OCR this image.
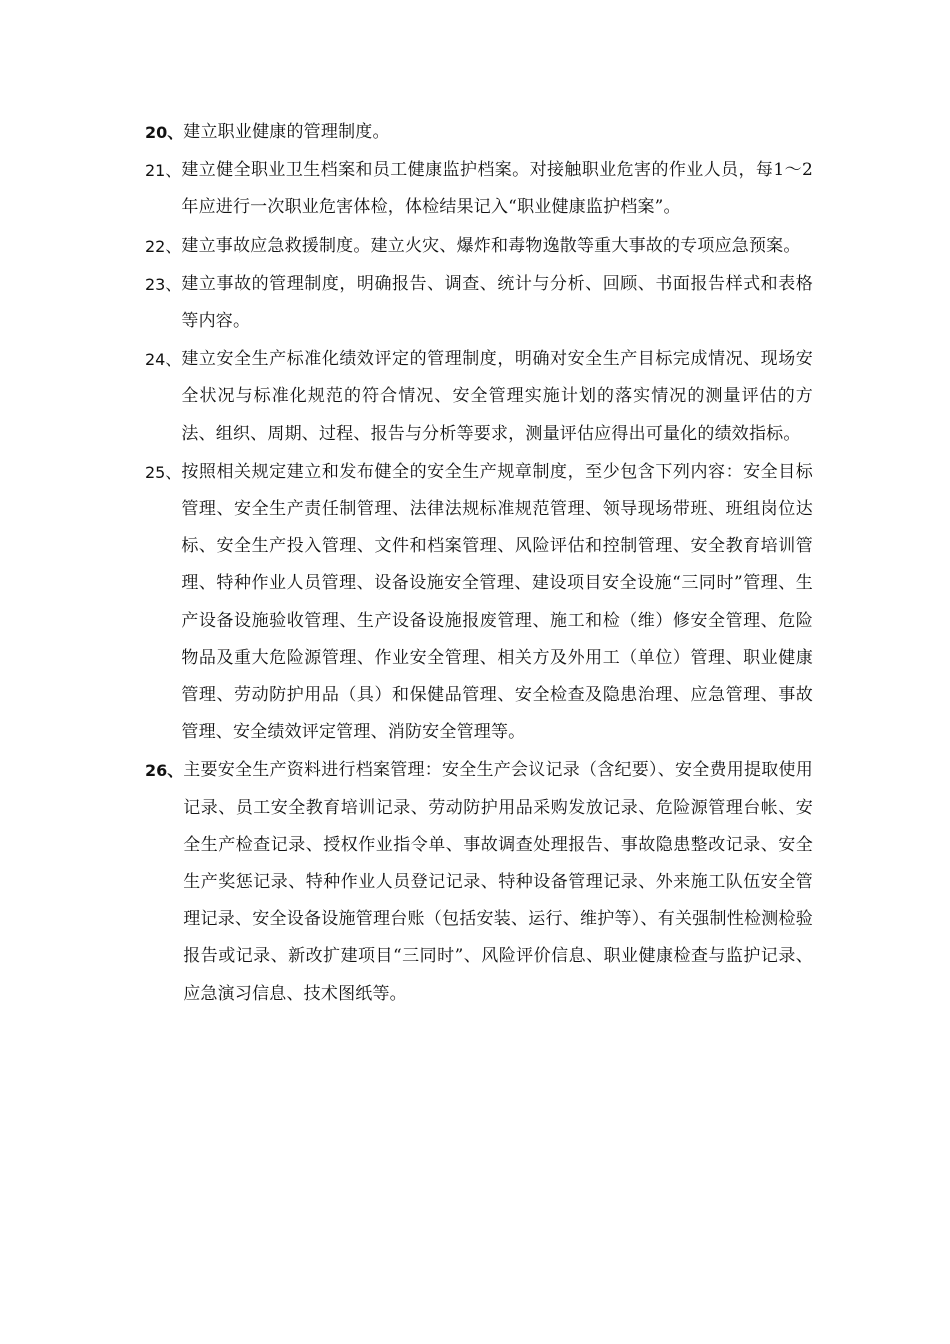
20、 建立职业健康的管理制度。
21、 建立健全职业卫生档案和员工健康监护档案。对接触职业危害的作业人员，每1～2年应进行一次职业危害体检，体检结果记入“职业健康监护档案”。
22、 建立事故应急救援制度。建立火灾、爆炸和毒物逸散等重大事故的专项应急预案。
23、 建立事故的管理制度，明确报告、调查、统计与分析、回顾、书面报告样式和表格等内容。
24、 建立安全生产标准化绩效评定的管理制度，明确对安全生产目标完成情况、现场安全状况与标准化规范的符合情况、安全管理实施计划的落实情况的测量评估的方法、组织、周期、过程、报告与分析等要求，测量评估应得出可量化的绩效指标。
25、 按照相关规定建立和发布健全的安全生产规章制度，至少包含下列内容：安全目标管理、安全生产责任制管理、法律法规标准规范管理、领导现场带班、班组岗位达标、安全生产投入管理、文件和档案管理、风险评估和控制管理、安全教育培训管理、特种作业人员管理、设备设施安全管理、建设项目安全设施“三同时”管理、生产设备设施验收管理、生产设备设施报废管理、施工和检（维）修安全管理、危险物品及重大危险源管理、作业安全管理、相关方及外用工（单位）管理、职业健康管理、劳动防护用品（具）和保健品管理、安全检查及隐患治理、应急管理、事故管理、安全绩效评定管理、消防安全管理等。
26、 主要安全生产资料进行档案管理：安全生产会议记录（含纪要）、安全费用提取使用记录、员工安全教育培训记录、劳动防护用品采购发放记录、危险源管理台帐、安全生产检查记录、授权作业指令单、事故调查处理报告、事故隐患整改记录、安全生产奖惩记录、特种作业人员登记记录、特种设备管理记录、外来施工队伍安全管理记录、安全设备设施管理台账（包括安装、运行、维护等）、有关强制性检测检验报告或记录、新改扩建项目“三同时”、风险评价信息、职业健康检查与监护记录、应急演习信息、技术图纸等。
